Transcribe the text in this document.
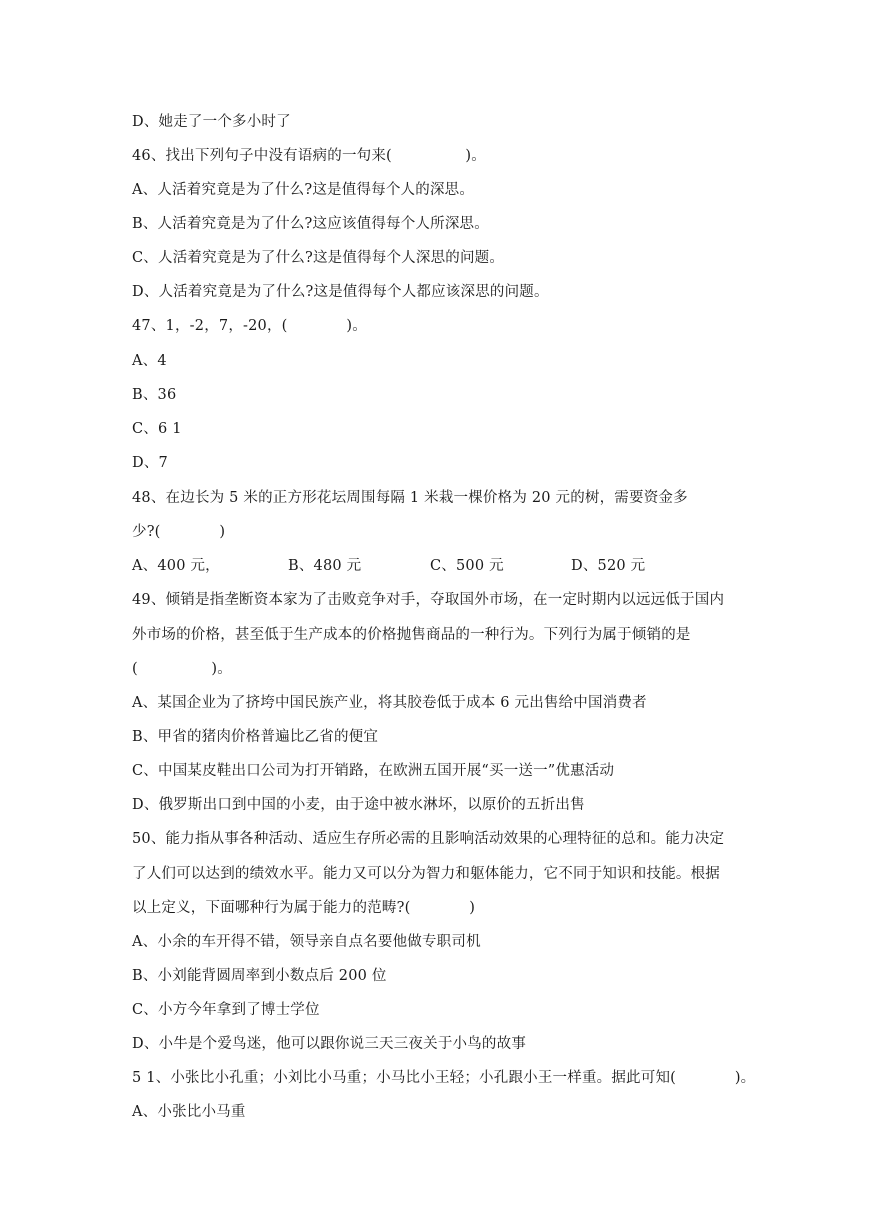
D、她走了一个多小时了
46、找出下列句子中没有语病的一句来(　　　　　)。
A、人活着究竟是为了什么?这是值得每个人的深思。
B、人活着究竟是为了什么?这应该值得每个人所深思。
C、人活着究竟是为了什么?这是值得每个人深思的问题。
D、人活着究竟是为了什么?这是值得每个人都应该深思的问题。
47、1，-2，7，-20，(　　　　)。
A、4
B、36
C、6 1
D、7
48、在边长为 5 米的正方形花坛周围每隔 1 米栽一棵价格为 20 元的树，需要资金多
少?(　　　　)
A、400 元，	B、480 元	C、500 元	D、520 元
49、倾销是指垄断资本家为了击败竞争对手，夺取国外市场，在一定时期内以远远低于国内
外市场的价格，甚至低于生产成本的价格抛售商品的一种行为。下列行为属于倾销的是
(　　　　　)。
A、某国企业为了挤垮中国民族产业，将其胶卷低于成本 6 元出售给中国消费者
B、甲省的猪肉价格普遍比乙省的便宜
C、中国某皮鞋出口公司为打开销路，在欧洲五国开展“买一送一”优惠活动
D、俄罗斯出口到中国的小麦，由于途中被水淋坏，以原价的五折出售
50、能力指从事各种活动、适应生存所必需的且影响活动效果的心理特征的总和。能力决定
了人们可以达到的绩效水平。能力又可以分为智力和躯体能力，它不同于知识和技能。根据
以上定义，下面哪种行为属于能力的范畴?(　　　　)
A、小余的车开得不错，领导亲自点名要他做专职司机
B、小刘能背圆周率到小数点后 200 位
C、小方今年拿到了博士学位
D、小牛是个爱鸟迷，他可以跟你说三天三夜关于小鸟的故事
5 1、小张比小孔重；小刘比小马重；小马比小王轻；小孔跟小王一样重。据此可知(　　　　)。
A、小张比小马重
